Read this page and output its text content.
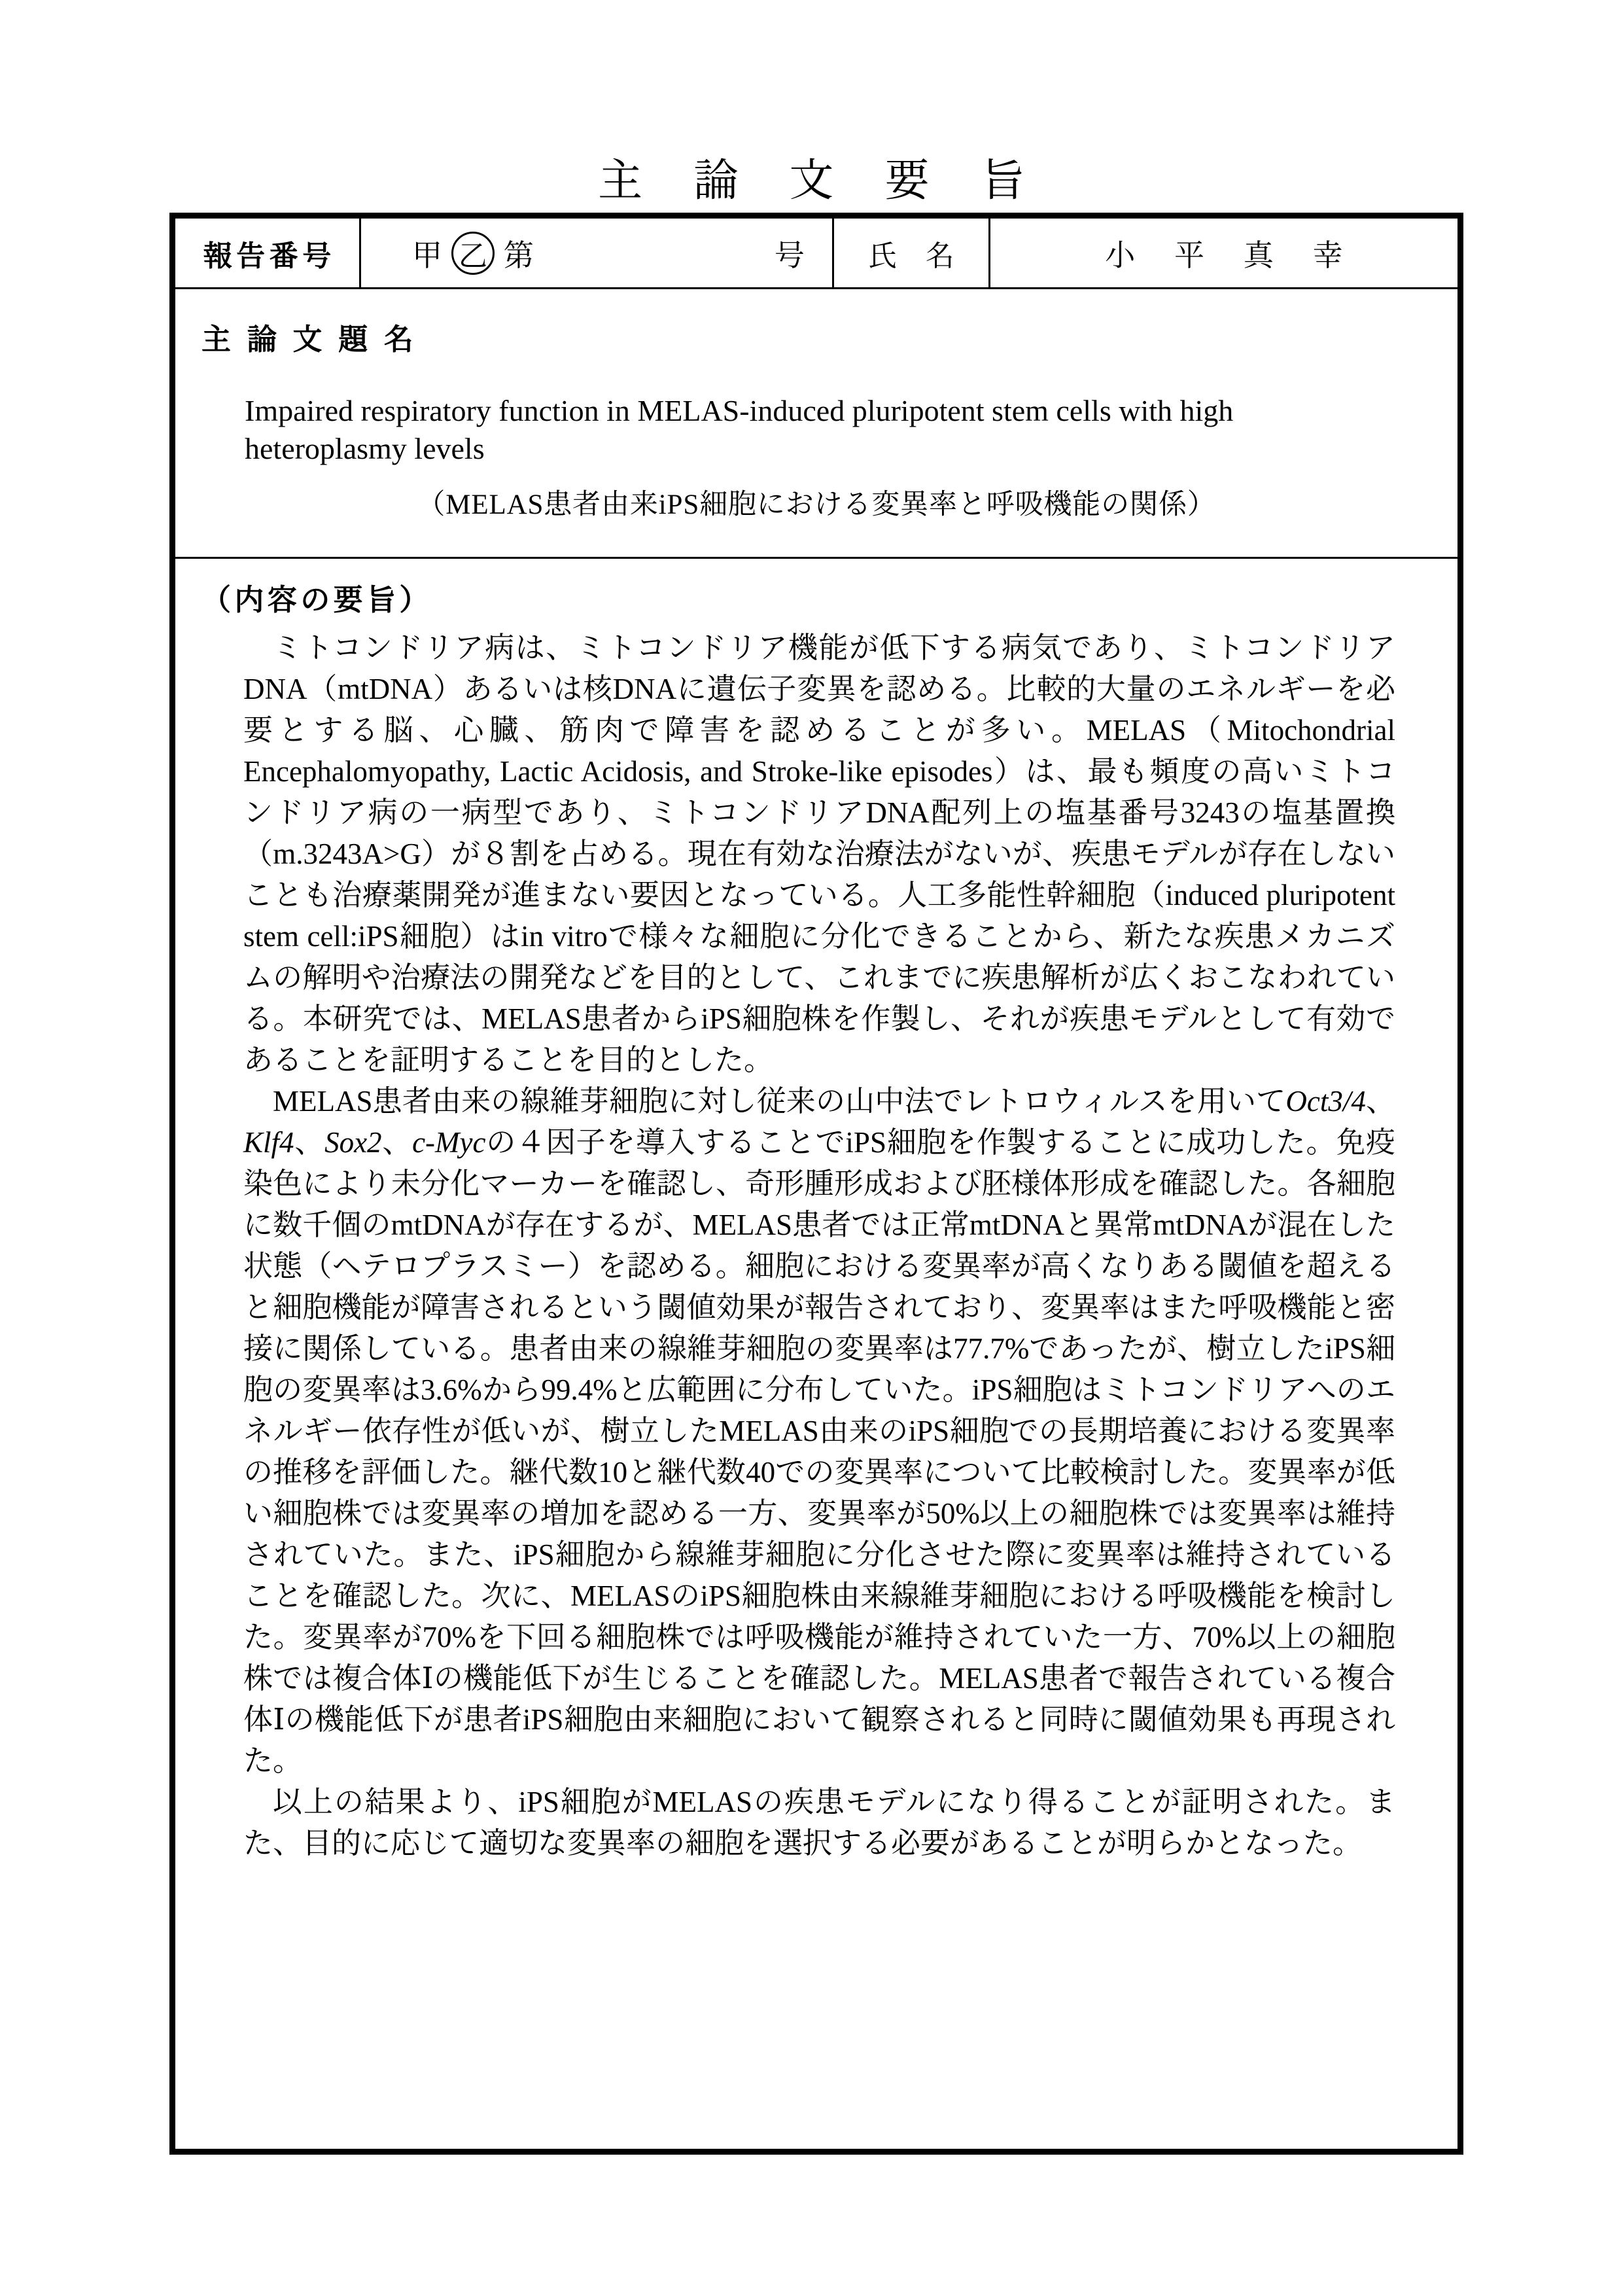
主論文要旨
報告番号	甲 乙 第	号 氏　名	小平真幸
主論文題名
Impaired respiratory function in MELAS-induced pluripotent stem cells with high
heteroplasmy levels
（MELAS患者由来iPS細胞における変異率と呼吸機能の関係）
（内容の要旨）

ミトコンドリア病は、ミトコンドリア機能が低下する病気であり、ミトコンドリアDNA（mtDNA）あるいは核DNAに遺伝子変異を認める。比較的大量のエネルギーを必要とする脳、心臓、筋肉で障害を認めることが多い。MELAS（Mitochondrial Encephalomyopathy, Lactic Acidosis, and Stroke-like episodes）は、最も頻度の高いミトコンドリア病の一病型であり、ミトコンドリアDNA配列上の塩基番号3243の塩基置換（m.3243A>G）が８割を占める。現在有効な治療法がないが、疾患モデルが存在しないことも治療薬開発が進まない要因となっている。人工多能性幹細胞（induced pluripotent stem cell:iPS細胞）はin vitroで様々な細胞に分化できることから、新たな疾患メカニズムの解明や治療法の開発などを目的として、これまでに疾患解析が広くおこなわれている。本研究では、MELAS患者からiPS細胞株を作製し、それが疾患モデルとして有効であることを証明することを目的とした。

MELAS患者由来の線維芽細胞に対し従来の山中法でレトロウィルスを用いてOct3/4、Klf4、Sox2、c-Mycの４因子を導入することでiPS細胞を作製することに成功した。免疫染色により未分化マーカーを確認し、奇形腫形成および胚様体形成を確認した。各細胞に数千個のmtDNAが存在するが、MELAS患者では正常mtDNAと異常mtDNAが混在した状態（ヘテロプラスミー）を認める。細胞における変異率が高くなりある閾値を超えると細胞機能が障害されるという閾値効果が報告されており、変異率はまた呼吸機能と密接に関係している。患者由来の線維芽細胞の変異率は77.7%であったが、樹立したiPS細胞の変異率は3.6%から99.4%と広範囲に分布していた。iPS細胞はミトコンドリアへのエネルギー依存性が低いが、樹立したMELAS由来のiPS細胞での長期培養における変異率の推移を評価した。継代数10と継代数40での変異率について比較検討した。変異率が低い細胞株では変異率の増加を認める一方、変異率が50%以上の細胞株では変異率は維持されていた。また、iPS細胞から線維芽細胞に分化させた際に変異率は維持されていることを確認した。次に、MELASのiPS細胞株由来線維芽細胞における呼吸機能を検討した。変異率が70%を下回る細胞株では呼吸機能が維持されていた一方、70%以上の細胞株では複合体Ⅰの機能低下が生じることを確認した。MELAS患者で報告されている複合体Ⅰの機能低下が患者iPS細胞由来細胞において観察されると同時に閾値効果も再現された。

以上の結果より、iPS細胞がMELASの疾患モデルになり得ることが証明された。また、目的に応じて適切な変異率の細胞を選択する必要があることが明らかとなった。
